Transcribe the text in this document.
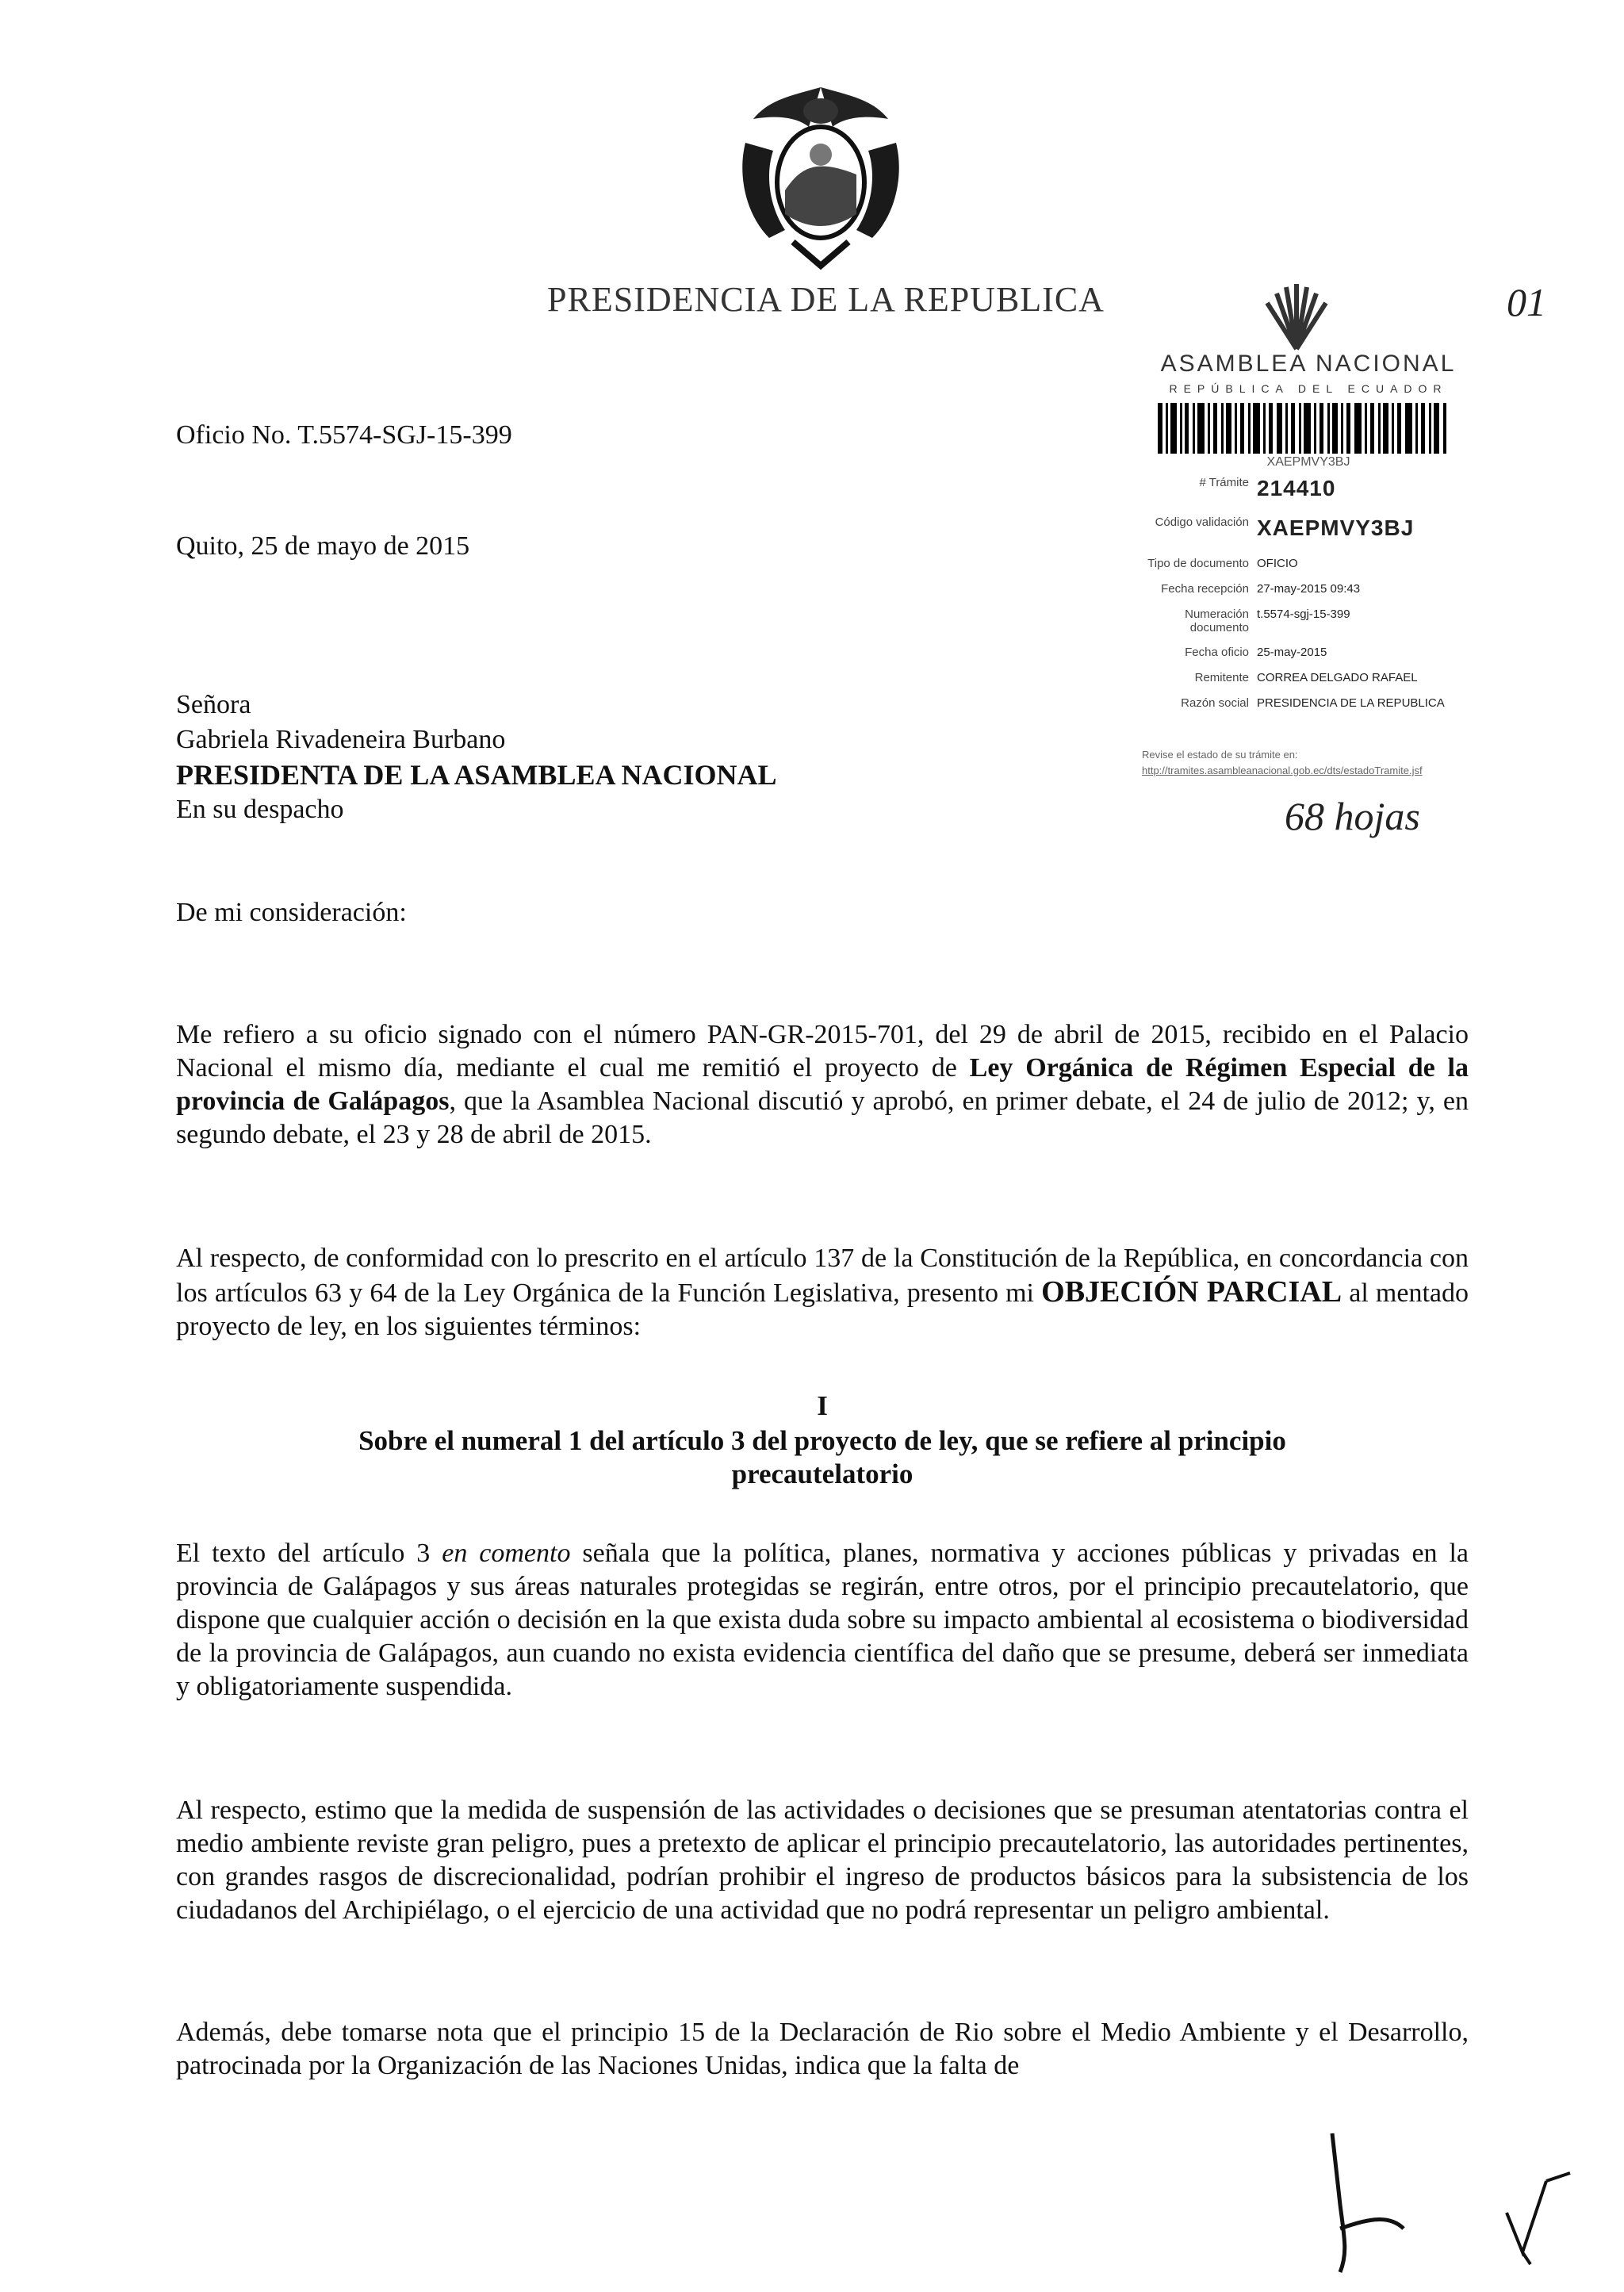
PRESIDENCIA DE LA REPUBLICA	01
ASAMBLEA NACIONAL
REPÚBLICA DEL ECUADOR
XAEPMVY3BJ
# Trámite 214410
Código validación XAEPMVY3BJ
Tipo de documento OFICIO
Fecha recepción 27-may-2015 09:43
Numeración documento
t.5574-sgj-15-399
Fecha oficio 25-may-2015
Remitente CORREA DELGADO RAFAEL
Razón social PRESIDENCIA DE LA REPUBLICA
Revise el estado de su trámite en:
http://tramites.asambleanacional.gob.ec/dts/estadoTramite.jsf
68 hojas
Oficio No. T.5574-SGJ-15-399
Quito, 25 de mayo de 2015
Señora
Gabriela Rivadeneira Burbano
PRESIDENTA DE LA ASAMBLEA NACIONAL
En su despacho
De mi consideración:
Me refiero a su oficio signado con el número PAN-GR-2015-701, del 29 de abril de 2015, recibido en el Palacio Nacional el mismo día, mediante el cual me remitió el proyecto de Ley Orgánica de Régimen Especial de la provincia de Galápagos, que la Asamblea Nacional discutió y aprobó, en primer debate, el 24 de julio de 2012; y, en segundo debate, el 23 y 28 de abril de 2015.
Al respecto, de conformidad con lo prescrito en el artículo 137 de la Constitución de la República, en concordancia con los artículos 63 y 64 de la Ley Orgánica de la Función Legislativa, presento mi OBJECIÓN PARCIAL al mentado proyecto de ley, en los siguientes términos:
I
Sobre el numeral 1 del artículo 3 del proyecto de ley, que se refiere al principio precautelatorio
El texto del artículo 3 en comento señala que la política, planes, normativa y acciones públicas y privadas en la provincia de Galápagos y sus áreas naturales protegidas se regirán, entre otros, por el principio precautelatorio, que dispone que cualquier acción o decisión en la que exista duda sobre su impacto ambiental al ecosistema o biodiversidad de la provincia de Galápagos, aun cuando no exista evidencia científica del daño que se presume, deberá ser inmediata y obligatoriamente suspendida.
Al respecto, estimo que la medida de suspensión de las actividades o decisiones que se presuman atentatorias contra el medio ambiente reviste gran peligro, pues a pretexto de aplicar el principio precautelatorio, las autoridades pertinentes, con grandes rasgos de discrecionalidad, podrían prohibir el ingreso de productos básicos para la subsistencia de los ciudadanos del Archipiélago, o el ejercicio de una actividad que no podrá representar un peligro ambiental.
Además, debe tomarse nota que el principio 15 de la Declaración de Rio sobre el Medio Ambiente y el Desarrollo, patrocinada por la Organización de las Naciones Unidas, indica que la falta de
